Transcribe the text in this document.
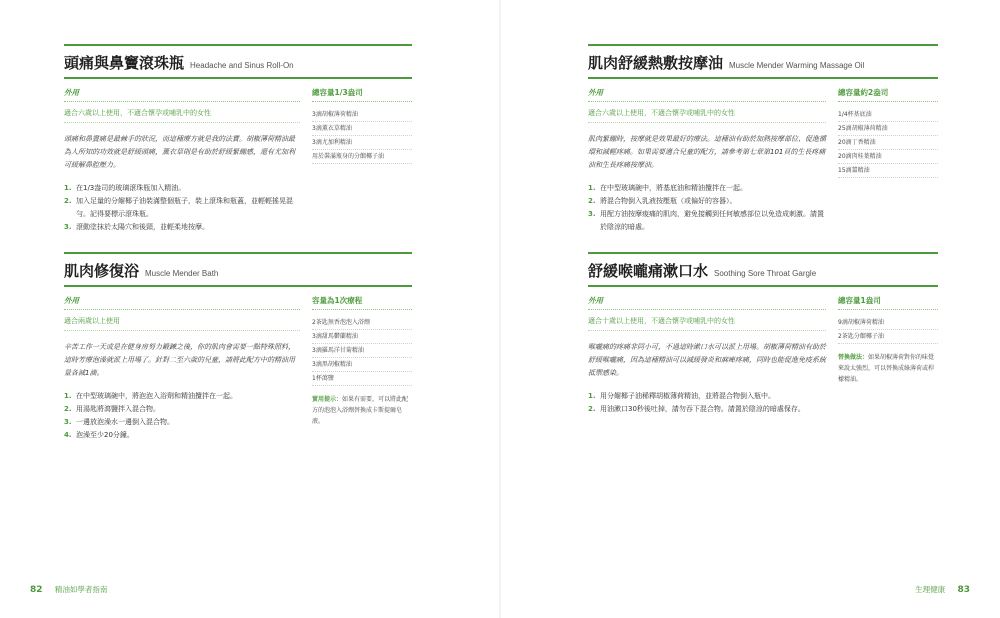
頭痛與鼻竇滾珠瓶 Headache and Sinus Roll-On
外用
適合六歲以上使用，不適合懷孕或哺乳中的女性

頭痛和鼻竇痛是最棘手的狀況，而這種療方就是我的法寶。胡椒薄荷精油最為人所知的功效就是舒緩頭痛，薰衣草則是有助於舒緩緊繃感，還有尤加利可緩解鼻腔壓力。

1. 在1/3盎司的玻璃滾珠瓶加入精油。
2. 加入足量的分餾椰子油裝滿整個瓶子，裝上滾珠和瓶蓋，並輕輕搖晃混勻。記得要標示滾珠瓶。
3. 滾動塗抹於太陽穴和後頸，並輕柔地按摩。
總容量1/3盎司
3滴胡椒薄荷精油
3滴薰衣草精油
3滴尤加利精油
用於裝滿瓶身的分餾椰子油
肌肉修復浴 Muscle Mender Bath
外用
適合兩歲以上使用

辛苦工作一天或是在健身房努力鍛鍊之後，你的肌肉會需要一點特殊照料，這時芳療泡澡就派上用場了。針對二至六歲的兒童，請將此配方中的精油用量各減1滴。

1. 在中型玻璃碗中，將泡泡入浴劑和精油攪拌在一起。
2. 用湯匙將瀉鹽拌入混合物。
3. 一邊放泡澡水一邊倒入混合物。
4. 泡澡至少20分鐘。
容量為1次療程
2茶匙無香泡泡入浴劑
3滴甜馬鬱蘭精油
3滴羅馬洋甘菊精油
3滴黑胡椒精油
1杯瀉鹽

實用提示：如果有需要，可以將此配方的泡泡入浴劑替換成卡斯提爾皂液。

肌肉舒緩熱敷按摩油 Muscle Mender Warming Massage Oil
外用
適合六歲以上使用，不適合懷孕或哺乳中的女性

肌肉緊繃時，按摩就是效果最好的療法。這種油有助於加熱按摩部位、促進循環和減輕疼痛。如果需要適合兒童的配方，請參考第七章第101頁的生長疼痛油和生長疼痛按摩油。

1. 在中型玻璃碗中，將基底油和精油攪拌在一起。
2. 將混合物倒入乳液按壓瓶（或偏好的容器）。
3. 用配方油按摩痠痛的肌肉，避免接觸到任何敏感部位以免造成刺激。請置於陰涼的暗處。
總容量約2盎司
1/4杯基底油
25滴胡椒薄荷精油
20滴丁香精油
20滴肉桂葉精油
15滴薑精油
舒緩喉嚨痛漱口水 Soothing Sore Throat Gargle
外用
適合十歲以上使用，不適合懷孕或哺乳中的女性

喉嚨痛的疼痛非同小可，不過這時漱口水可以派上用場。胡椒薄荷精油有助於舒緩喉嚨痛，因為這種精油可以減緩發炎和麻痺疼痛，同時也能促進免疫系統抵禦感染。

1. 用分餾椰子油稀釋胡椒薄荷精油，並將混合物倒入瓶中。
2. 用油漱口30秒後吐掉，請勿吞下混合物。請置於陰涼的暗處保存。
總容量1盎司
9滴胡椒薄荷精油
2茶匙分餾椰子油

替換做法：如果胡椒薄荷對你的味覺來說太強烈，可以替換成綠薄荷或桿檬精油。

82 精油如學者指南	生理健康 83
